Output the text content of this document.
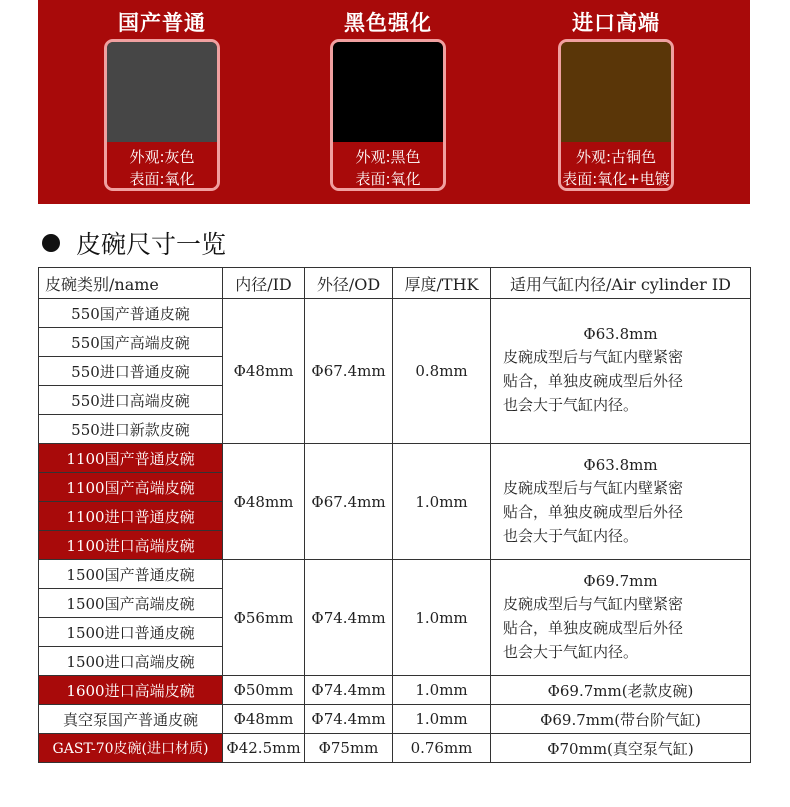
国产普通
外观:灰色
表面:氧化
黑色强化
外观:黑色
表面:氧化
进口高端
外观:古铜色
表面:氧化+电镀
皮碗尺寸一览
皮碗类别/name	内径/ID	外径/OD	厚度/THK	适用气缸内径/Air cylinder ID
550国产普通皮碗	Φ48mm	Φ67.4mm	0.8mm	Φ63.8mm
皮碗成型后与气缸内壁紧密
贴合，单独皮碗成型后外径
也会大于气缸内径。

550国产高端皮碗				
550进口普通皮碗				
550进口高端皮碗				
550进口新款皮碗				
1100国产普通皮碗	Φ48mm	Φ67.4mm	1.0mm	Φ63.8mm
皮碗成型后与气缸内壁紧密
贴合，单独皮碗成型后外径
也会大于气缸内径。

1100国产高端皮碗				
1100进口普通皮碗				
1100进口高端皮碗				
1500国产普通皮碗	Φ56mm	Φ74.4mm	1.0mm	Φ69.7mm
皮碗成型后与气缸内壁紧密
贴合，单独皮碗成型后外径
也会大于气缸内径。

1500国产高端皮碗				
1500进口普通皮碗				
1500进口高端皮碗				
1600进口高端皮碗	Φ50mm	Φ74.4mm	1.0mm	Φ69.7mm(老款皮碗)
真空泵国产普通皮碗	Φ48mm	Φ74.4mm	1.0mm	Φ69.7mm(带台阶气缸)
GAST-70皮碗(进口材质)	Φ42.5mm	Φ75mm	0.76mm	Φ70mm(真空泵气缸)
